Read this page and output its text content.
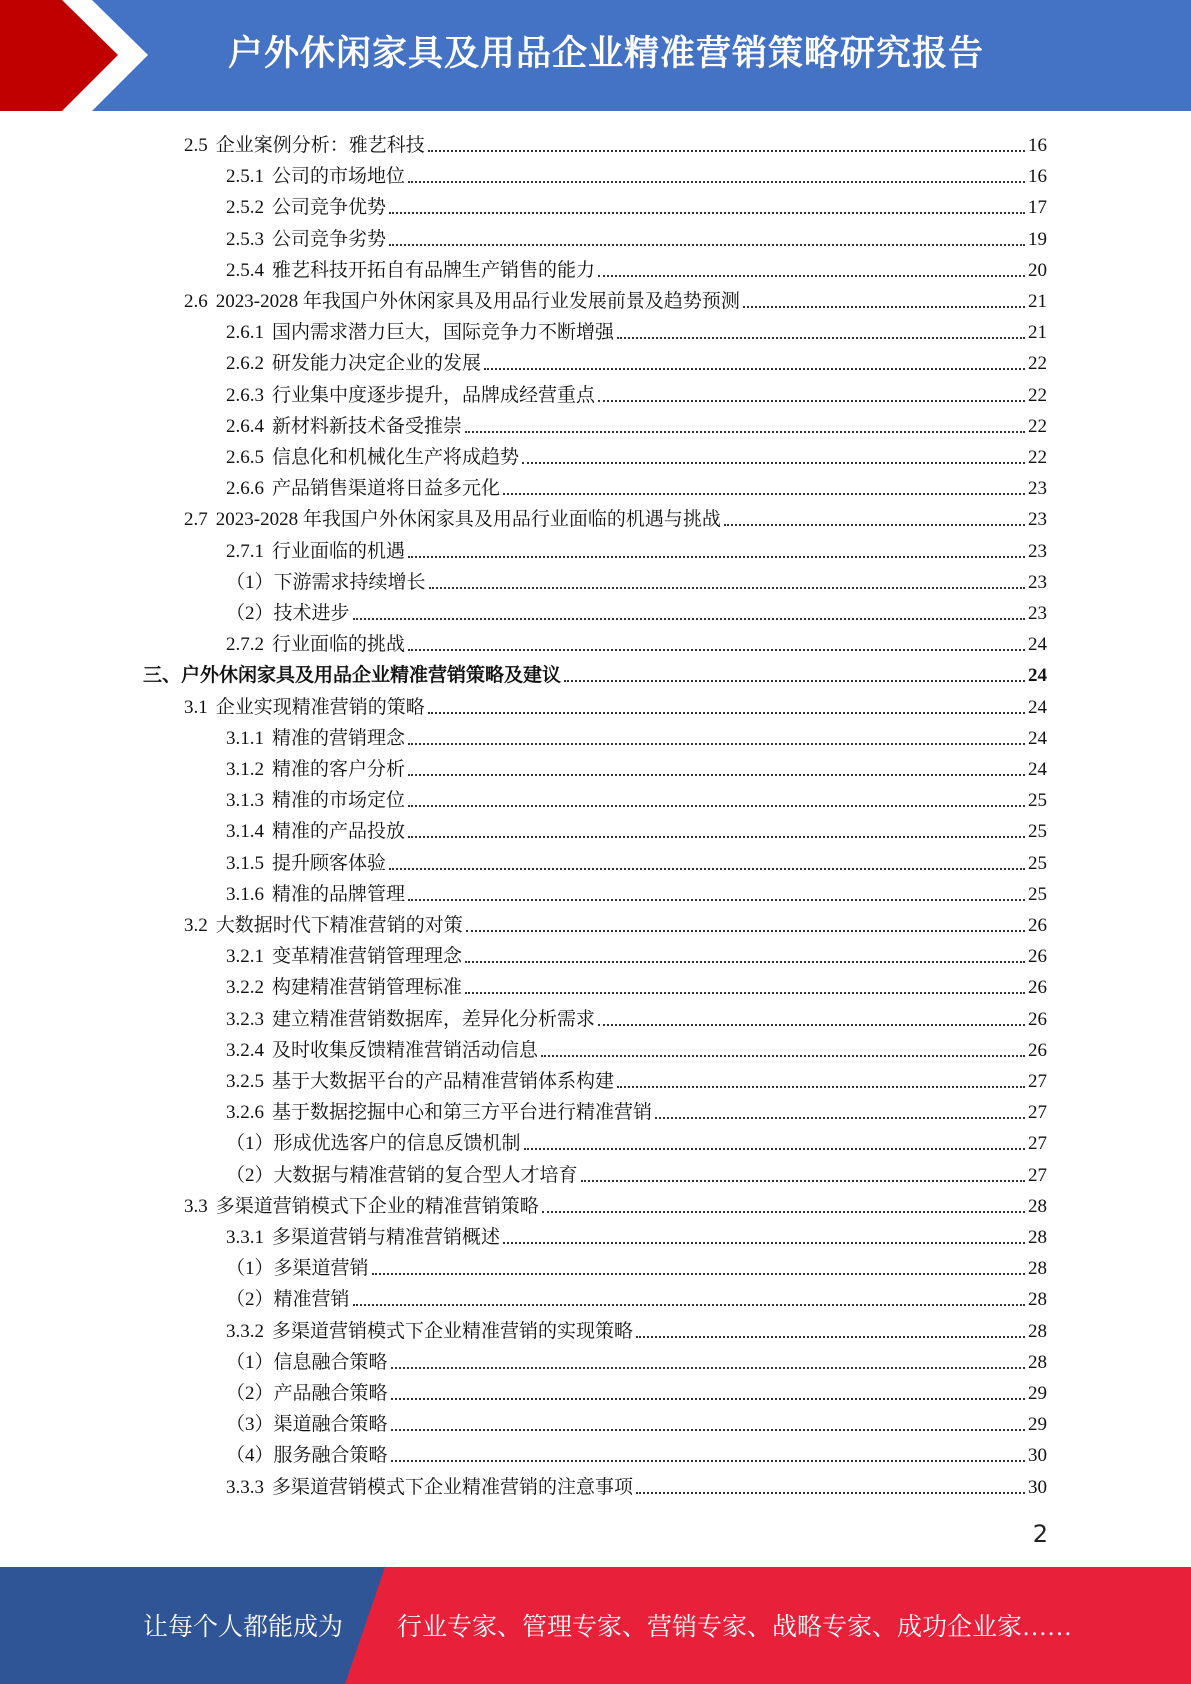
户外休闲家具及用品企业精准营销策略研究报告
2.5 企业案例分析：雅艺科技	16
2.5.1 公司的市场地位	16
2.5.2 公司竞争优势	17
2.5.3 公司竞争劣势	19
2.5.4 雅艺科技开拓自有品牌生产销售的能力	20
2.6 2023-2028 年我国户外休闲家具及用品行业发展前景及趋势预测	21
2.6.1 国内需求潜力巨大，国际竞争力不断增强	21
2.6.2 研发能力决定企业的发展	22
2.6.3 行业集中度逐步提升，品牌成经营重点	22
2.6.4 新材料新技术备受推崇	22
2.6.5 信息化和机械化生产将成趋势	22
2.6.6 产品销售渠道将日益多元化	23
2.7 2023-2028 年我国户外休闲家具及用品行业面临的机遇与挑战	23
2.7.1 行业面临的机遇	23
（1）下游需求持续增长	23
（2）技术进步	23
2.7.2 行业面临的挑战	24
三、户外休闲家具及用品企业精准营销策略及建议	24
3.1 企业实现精准营销的策略	24
3.1.1 精准的营销理念	24
3.1.2 精准的客户分析	24
3.1.3 精准的市场定位	25
3.1.4 精准的产品投放	25
3.1.5 提升顾客体验	25
3.1.6 精准的品牌管理	25
3.2 大数据时代下精准营销的对策	26
3.2.1 变革精准营销管理理念	26
3.2.2 构建精准营销管理标准	26
3.2.3 建立精准营销数据库，差异化分析需求	26
3.2.4 及时收集反馈精准营销活动信息	26
3.2.5 基于大数据平台的产品精准营销体系构建	27
3.2.6 基于数据挖掘中心和第三方平台进行精准营销	27
（1）形成优选客户的信息反馈机制	27
（2）大数据与精准营销的复合型人才培育	27
3.3 多渠道营销模式下企业的精准营销策略	28
3.3.1 多渠道营销与精准营销概述	28
（1）多渠道营销	28
（2）精准营销	28
3.3.2 多渠道营销模式下企业精准营销的实现策略	28
（1）信息融合策略	28
（2）产品融合策略	29
（3）渠道融合策略	29
（4）服务融合策略	30
3.3.3 多渠道营销模式下企业精准营销的注意事项	30
2
让每个人都能成为 行业专家、管理专家、营销专家、战略专家、成功企业家……
